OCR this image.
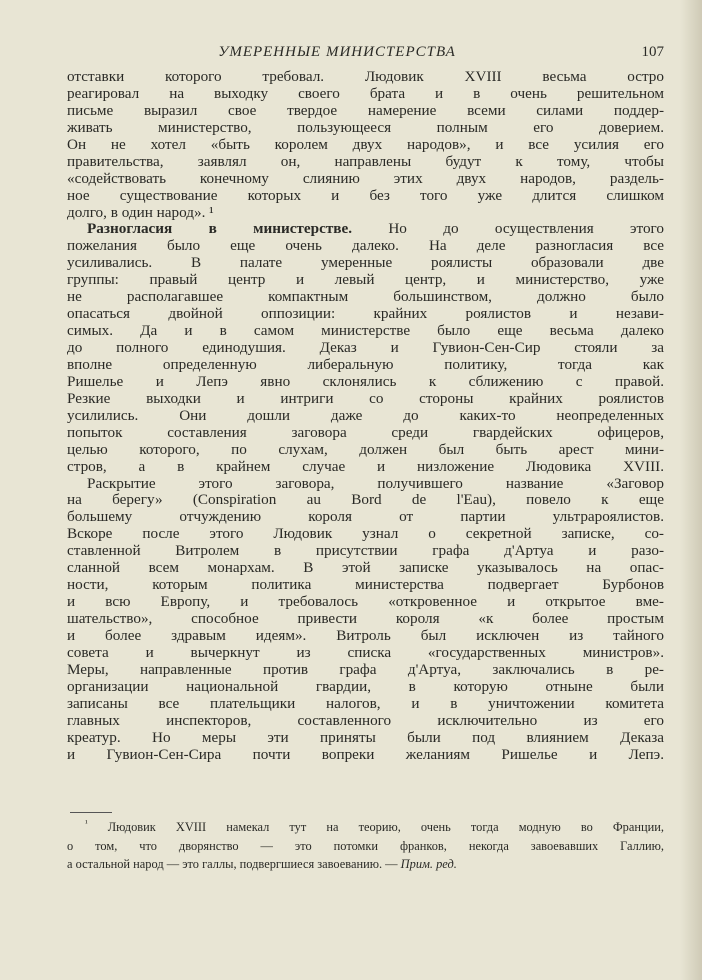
УМЕРЕННЫЕ МИНИСТЕРСТВА	107
отставки которого требовал. Людовик XVIII весьма остро
реагировал на выходку своего брата и в очень решительном
письме выразил свое твердое намерение всеми силами поддер-
живать министерство, пользующееся полным его доверием.
Он не хотел «быть королем двух народов», и все усилия его
правительства, заявлял он, направлены будут к тому, чтобы
«содействовать конечному слиянию этих двух народов, раздель-
ное существование которых и без того уже длится слишком
долго, в один народ». ¹
Разногласия в министерстве. Но до осуществления этого
пожелания было еще очень далеко. На деле разногласия все
усиливались. В палате умеренные роялисты образовали две
группы: правый центр и левый центр, и министерство, уже
не располагавшее компактным большинством, должно было
опасаться двойной оппозиции: крайних роялистов и незави-
симых. Да и в самом министерстве было еще весьма далеко
до полного единодушия. Деказ и Гувион-Сен-Сир стояли за
вполне определенную либеральную политику, тогда как
Ришелье и Лепэ явно склонялись к сближению с правой.
Резкие выходки и интриги со стороны крайних роялистов
усилились. Они дошли даже до каких-то неопределенных
попыток составления заговора среди гвардейских офицеров,
целью которого, по слухам, должен был быть арест мини-
стров, а в крайнем случае и низложение Людовика XVIII.
Раскрытие этого заговора, получившего название «Заговор
на берегу» (Conspiration au Bord de l'Eau), повело к еще
большему отчуждению короля от партии ультрароялистов.
Вскоре после этого Людовик узнал о секретной записке, со-
ставленной Витролем в присутствии графа д'Артуа и разо-
сланной всем монархам. В этой записке указывалось на опас-
ности, которым политика министерства подвергает Бурбонов
и всю Европу, и требовалось «откровенное и открытое вме-
шательство», способное привести короля «к более простым
и более здравым идеям». Витроль был исключен из тайного
совета и вычеркнут из списка «государственных министров».
Меры, направленные против графа д'Артуа, заключались в ре-
организации национальной гвардии, в которую отныне были
записаны все плательщики налогов, и в уничтожении комитета
главных инспекторов, составленного исключительно из его
креатур. Но меры эти приняты были под влиянием Деказа
и Гувион-Сен-Сира почти вопреки желаниям Ришелье и Лепэ.
$^{^1}$ Людовик XVIII намекал тут на теорию, очень тогда модную во Франции,
о том, что дворянство — это потомки франков, некогда завоевавших Галлию,
а остальной народ — это галлы, подвергшиеся завоеванию. — Прим. ред.
